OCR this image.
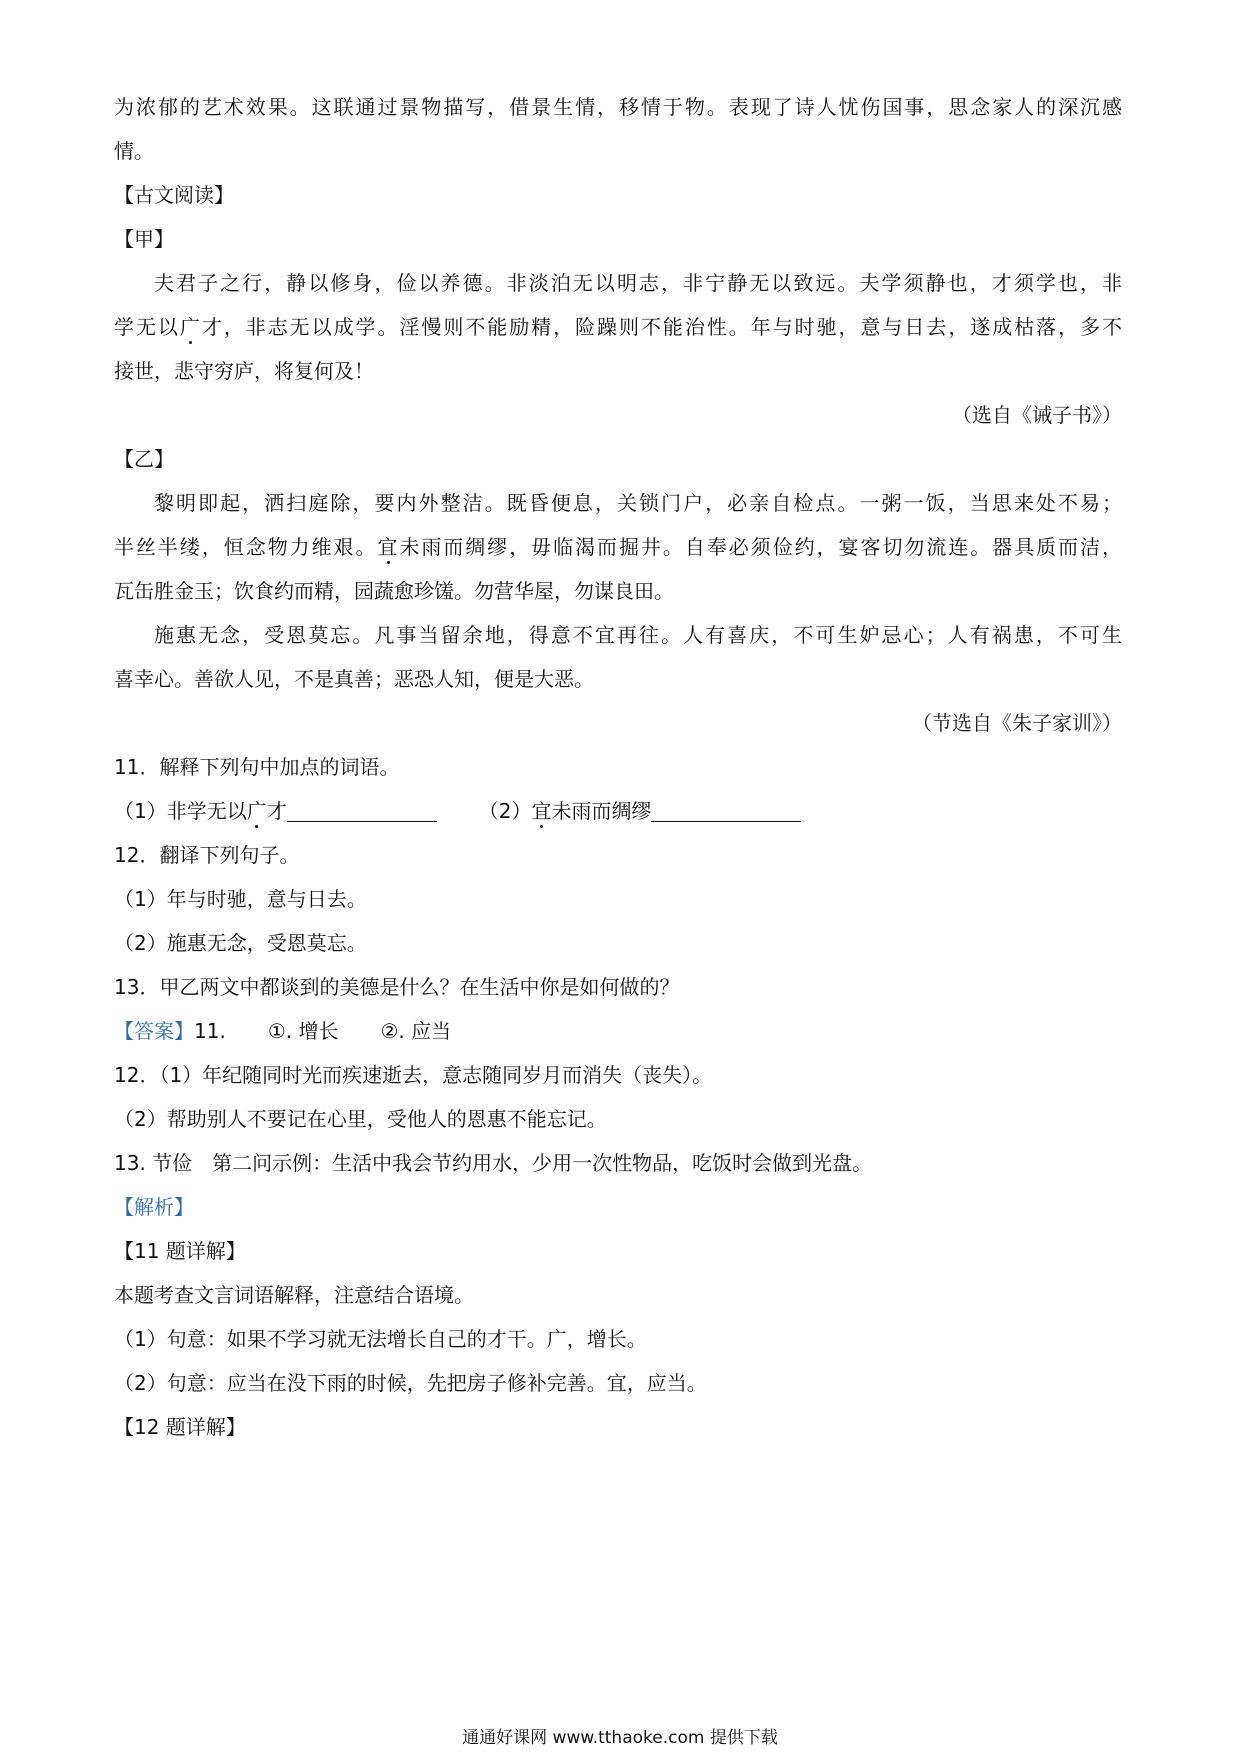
为浓郁的艺术效果。这联通过景物描写，借景生情，移情于物。表现了诗人忧伤国事，思念家人的深沉感
情。
【古文阅读】
【甲】
夫君子之行，静以修身，俭以养德。非淡泊无以明志，非宁静无以致远。夫学须静也，才须学也，非
学无以广才，非志无以成学。淫慢则不能励精，险躁则不能治性。年与时驰，意与日去，遂成枯落，多不
接世，悲守穷庐，将复何及！
（选自《诫子书》）
【乙】
黎明即起，洒扫庭除，要内外整洁。既昏便息，关锁门户，必亲自检点。一粥一饭，当思来处不易；
半丝半缕，恒念物力维艰。宜未雨而绸缪，毋临渴而掘井。自奉必须俭约，宴客切勿流连。器具质而洁，
瓦缶胜金玉；饮食约而精，园蔬愈珍馐。勿营华屋，勿谋良田。
施惠无念，受恩莫忘。凡事当留余地，得意不宜再往。人有喜庆，不可生妒忌心；人有祸患，不可生
喜幸心。善欲人见，不是真善；恶恐人知，便是大恶。
（节选自《朱子家训》）
11．解释下列句中加点的词语。
（1）非学无以广才	（2）宜未雨而绸缪
12．翻译下列句子。
（1）年与时驰，意与日去。
（2）施惠无念，受恩莫忘。
13．甲乙两文中都谈到的美德是什么？在生活中你是如何做的？
【答案】11. ①. 增长 ②. 应当
12．（1）年纪随同时光而疾速逝去，意志随同岁月而消失（丧失）。
（2）帮助别人不要记在心里，受他人的恩惠不能忘记。
13. 节俭　第二问示例：生活中我会节约用水，少用一次性物品，吃饭时会做到光盘。
【解析】
【11 题详解】
本题考查文言词语解释，注意结合语境。
（1）句意：如果不学习就无法增长自己的才干。广，增长。
（2）句意：应当在没下雨的时候，先把房子修补完善。宜，应当。
【12 题详解】
通通好课网 www.tthaoke.com 提供下载
